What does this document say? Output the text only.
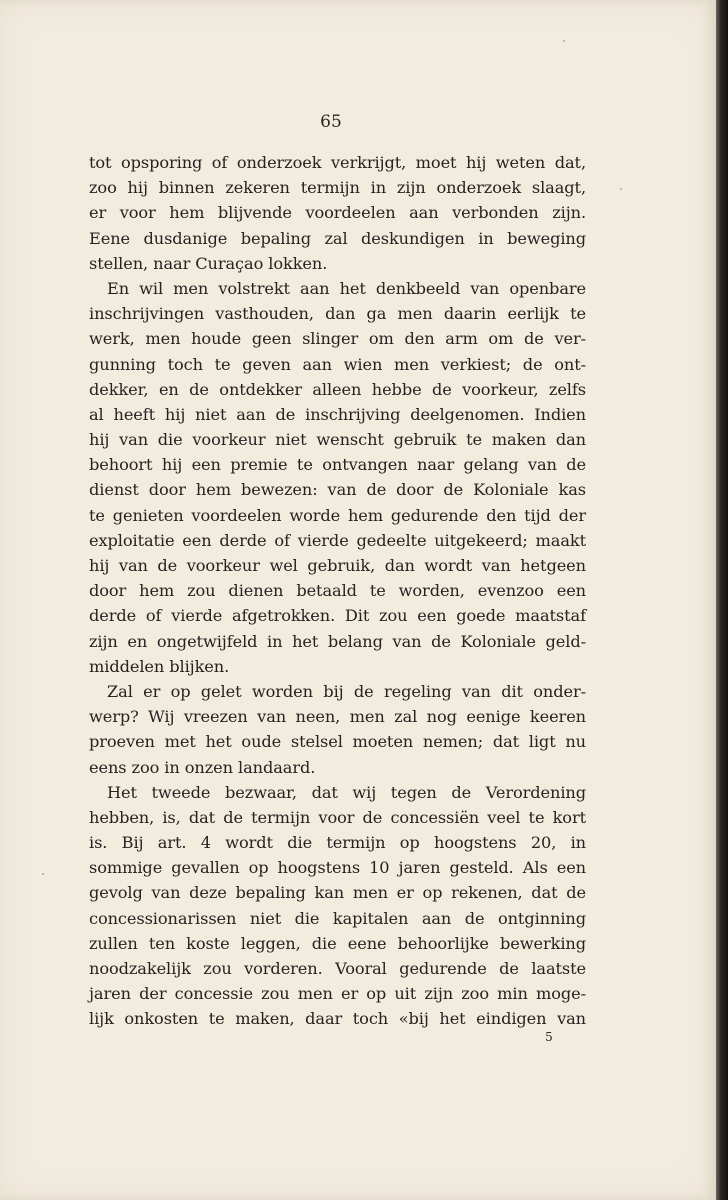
65
tot opsporing of onderzoek verkrijgt, moet hij weten dat,
zoo hij binnen zekeren termijn in zijn onderzoek slaagt,
er voor hem blijvende voordeelen aan verbonden zijn.
Eene dusdanige bepaling zal deskundigen in beweging
stellen, naar Curaçao lokken.
En wil men volstrekt aan het denkbeeld van openbare
inschrijvingen vasthouden, dan ga men daarin eerlijk te
werk, men houde geen slinger om den arm om de ver-
gunning toch te geven aan wien men verkiest; de ont-
dekker, en de ontdekker alleen hebbe de voorkeur, zelfs
al heeft hij niet aan de inschrijving deelgenomen. Indien
hij van die voorkeur niet wenscht gebruik te maken dan
behoort hij een premie te ontvangen naar gelang van de
dienst door hem bewezen: van de door de Koloniale kas
te genieten voordeelen worde hem gedurende den tijd der
exploitatie een derde of vierde gedeelte uitgekeerd; maakt
hij van de voorkeur wel gebruik, dan wordt van hetgeen
door hem zou dienen betaald te worden, evenzoo een
derde of vierde afgetrokken. Dit zou een goede maatstaf
zijn en ongetwijfeld in het belang van de Koloniale geld-
middelen blijken.
Zal er op gelet worden bij de regeling van dit onder-
werp? Wij vreezen van neen, men zal nog eenige keeren
proeven met het oude stelsel moeten nemen; dat ligt nu
eens zoo in onzen landaard.
Het tweede bezwaar, dat wij tegen de Verordening
hebben, is, dat de termijn voor de concessiën veel te kort
is. Bij art. 4 wordt die termijn op hoogstens 20, in
sommige gevallen op hoogstens 10 jaren gesteld. Als een
gevolg van deze bepaling kan men er op rekenen, dat de
concessionarissen niet die kapitalen aan de ontginning
zullen ten koste leggen, die eene behoorlijke bewerking
noodzakelijk zou vorderen. Vooral gedurende de laatste
jaren der concessie zou men er op uit zijn zoo min moge-
lijk onkosten te maken, daar toch «bij het eindigen van
5
